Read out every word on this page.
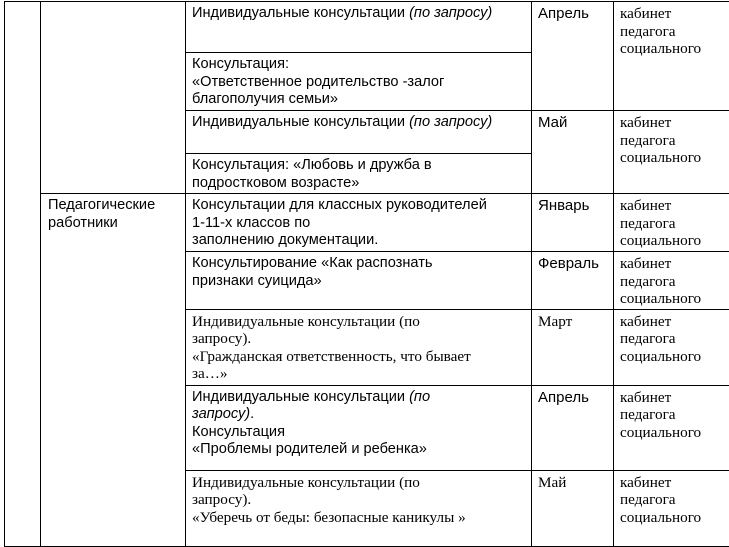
		Индивидуальные консультации (по запросу)	Апрель	кабинет
педагога
социального

		Консультация:
«Ответственное родительство -залог
благополучия семьи»		

		Индивидуальные консультации (по запросу)	Май	кабинет
педагога
социального

		Консультация: «Любовь и дружба в
подростковом возрасте»		

	Педагогические
работники	Консультации для классных руководителей
1-11-х классов по
заполнению документации.	Январь	кабинет
педагога
социального

		Консультирование «Как распознать
признаки суицида»	Февраль	кабинет
педагога
социального

		Индивидуальные консультации (по
запросу).
«Гражданская ответственность, что бывает
за…»	Март	кабинет
педагога
социального

		Индивидуальные консультации (по
запросу).
Консультация
«Проблемы родителей и ребенка»	Апрель	кабинет
педагога
социального

		Индивидуальные консультации (по
запросу).
«Уберечь от беды: безопасные каникулы »	Май	кабинет
педагога
социального
